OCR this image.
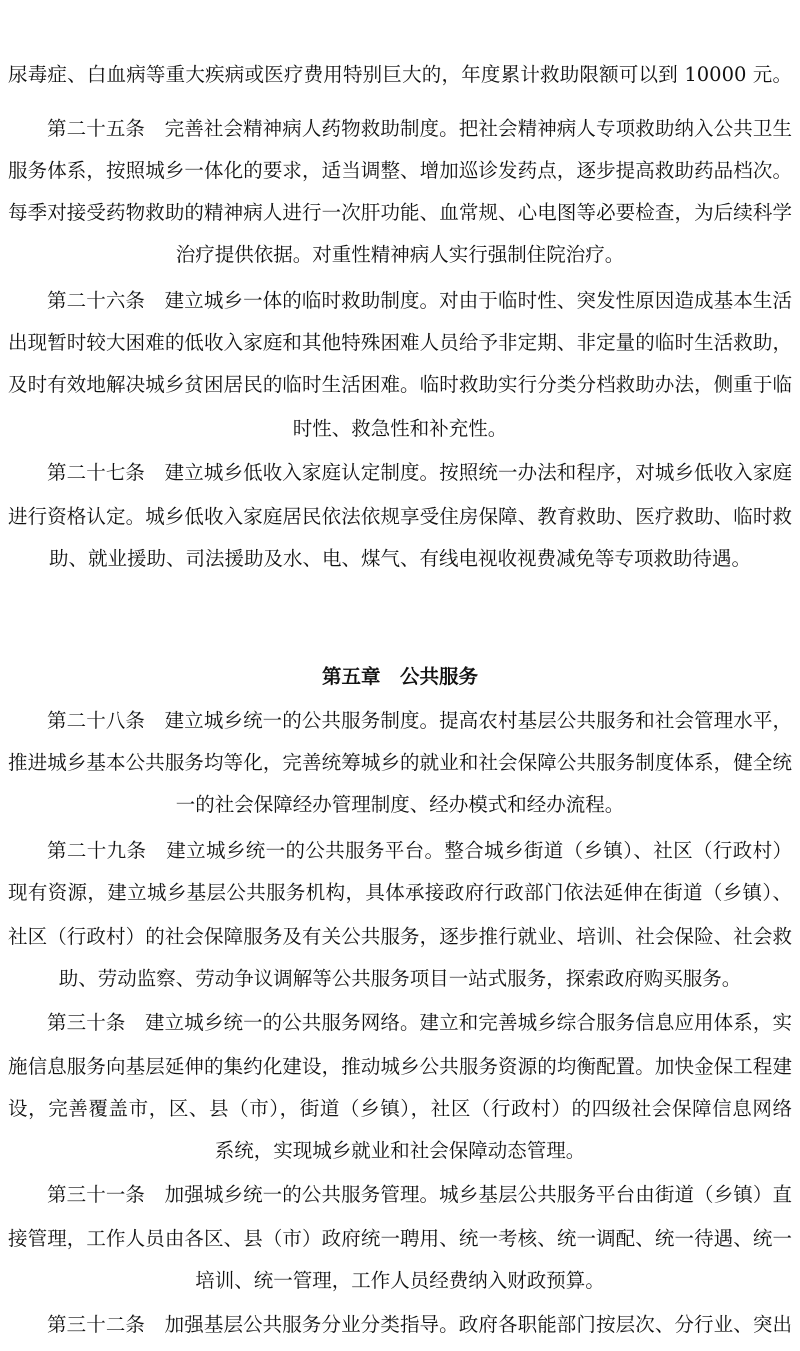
尿毒症、白血病等重大疾病或医疗费用特别巨大的，年度累计救助限额可以到 10000 元。
第二十五条　完善社会精神病人药物救助制度。把社会精神病人专项救助纳入公共卫生
服务体系，按照城乡一体化的要求，适当调整、增加巡诊发药点，逐步提高救助药品档次。
每季对接受药物救助的精神病人进行一次肝功能、血常规、心电图等必要检查，为后续科学
治疗提供依据。对重性精神病人实行强制住院治疗。
第二十六条　建立城乡一体的临时救助制度。对由于临时性、突发性原因造成基本生活
出现暂时较大困难的低收入家庭和其他特殊困难人员给予非定期、非定量的临时生活救助，
及时有效地解决城乡贫困居民的临时生活困难。临时救助实行分类分档救助办法，侧重于临
时性、救急性和补充性。
第二十七条　建立城乡低收入家庭认定制度。按照统一办法和程序，对城乡低收入家庭
进行资格认定。城乡低收入家庭居民依法依规享受住房保障、教育救助、医疗救助、临时救
助、就业援助、司法援助及水、电、煤气、有线电视收视费减免等专项救助待遇。
第五章　公共服务
第二十八条　建立城乡统一的公共服务制度。提高农村基层公共服务和社会管理水平，
推进城乡基本公共服务均等化，完善统筹城乡的就业和社会保障公共服务制度体系，健全统
一的社会保障经办管理制度、经办模式和经办流程。
第二十九条　建立城乡统一的公共服务平台。整合城乡街道（乡镇）、社区（行政村）
现有资源，建立城乡基层公共服务机构，具体承接政府行政部门依法延伸在街道（乡镇）、
社区（行政村）的社会保障服务及有关公共服务，逐步推行就业、培训、社会保险、社会救
助、劳动监察、劳动争议调解等公共服务项目一站式服务，探索政府购买服务。
第三十条　建立城乡统一的公共服务网络。建立和完善城乡综合服务信息应用体系，实
施信息服务向基层延伸的集约化建设，推动城乡公共服务资源的均衡配置。加快金保工程建
设，完善覆盖市，区、县（市），街道（乡镇），社区（行政村）的四级社会保障信息网络
系统，实现城乡就业和社会保障动态管理。
第三十一条　加强城乡统一的公共服务管理。城乡基层公共服务平台由街道（乡镇）直
接管理，工作人员由各区、县（市）政府统一聘用、统一考核、统一调配、统一待遇、统一
培训、统一管理，工作人员经费纳入财政预算。
第三十二条　加强基层公共服务分业分类指导。政府各职能部门按层次、分行业、突出
